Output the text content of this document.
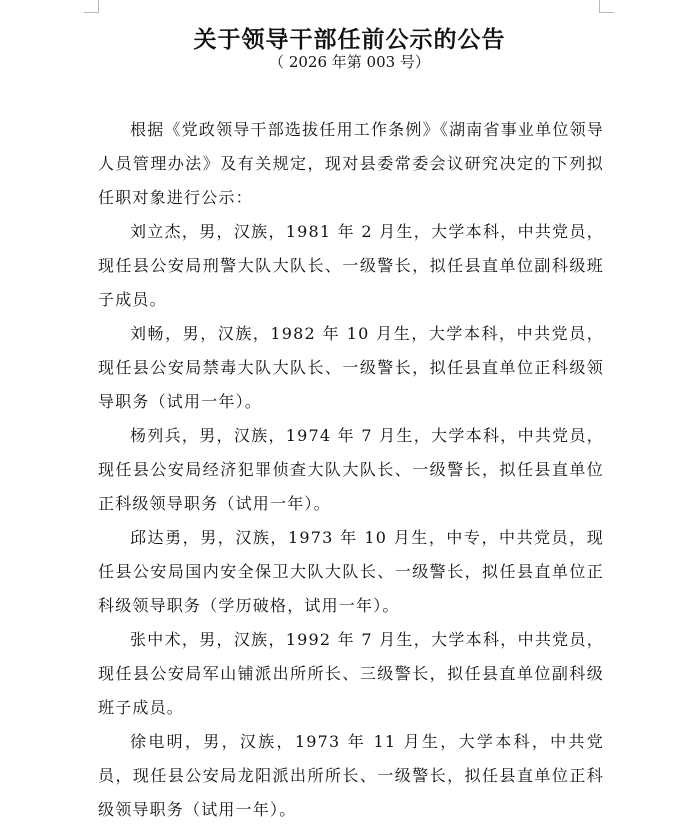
关于领导干部任前公示的公告
（ 2026 年第 003 号）

根据《党政领导干部选拔任用工作条例》《湖南省事业单位领导人员管理办法》及有关规定，现对县委常委会议研究决定的下列拟任职对象进行公示：

刘立杰，男，汉族，1981 年 2 月生，大学本科，中共党员，现任县公安局刑警大队大队长、一级警长，拟任县直单位副科级班子成员。

刘畅，男，汉族，1982 年 10 月生，大学本科，中共党员，现任县公安局禁毒大队大队长、一级警长，拟任县直单位正科级领导职务（试用一年）。

杨列兵，男，汉族，1974 年 7 月生，大学本科，中共党员，现任县公安局经济犯罪侦查大队大队长、一级警长，拟任县直单位正科级领导职务（试用一年）。

邱达勇，男，汉族，1973 年 10 月生，中专，中共党员，现任县公安局国内安全保卫大队大队长、一级警长，拟任县直单位正科级领导职务（学历破格，试用一年）。

张中术，男，汉族，1992 年 7 月生，大学本科，中共党员，现任县公安局军山铺派出所所长、三级警长，拟任县直单位副科级班子成员。

徐电明，男，汉族，1973 年 11 月生，大学本科，中共党员，现任县公安局龙阳派出所所长、一级警长，拟任县直单位正科级领导职务（试用一年）。
